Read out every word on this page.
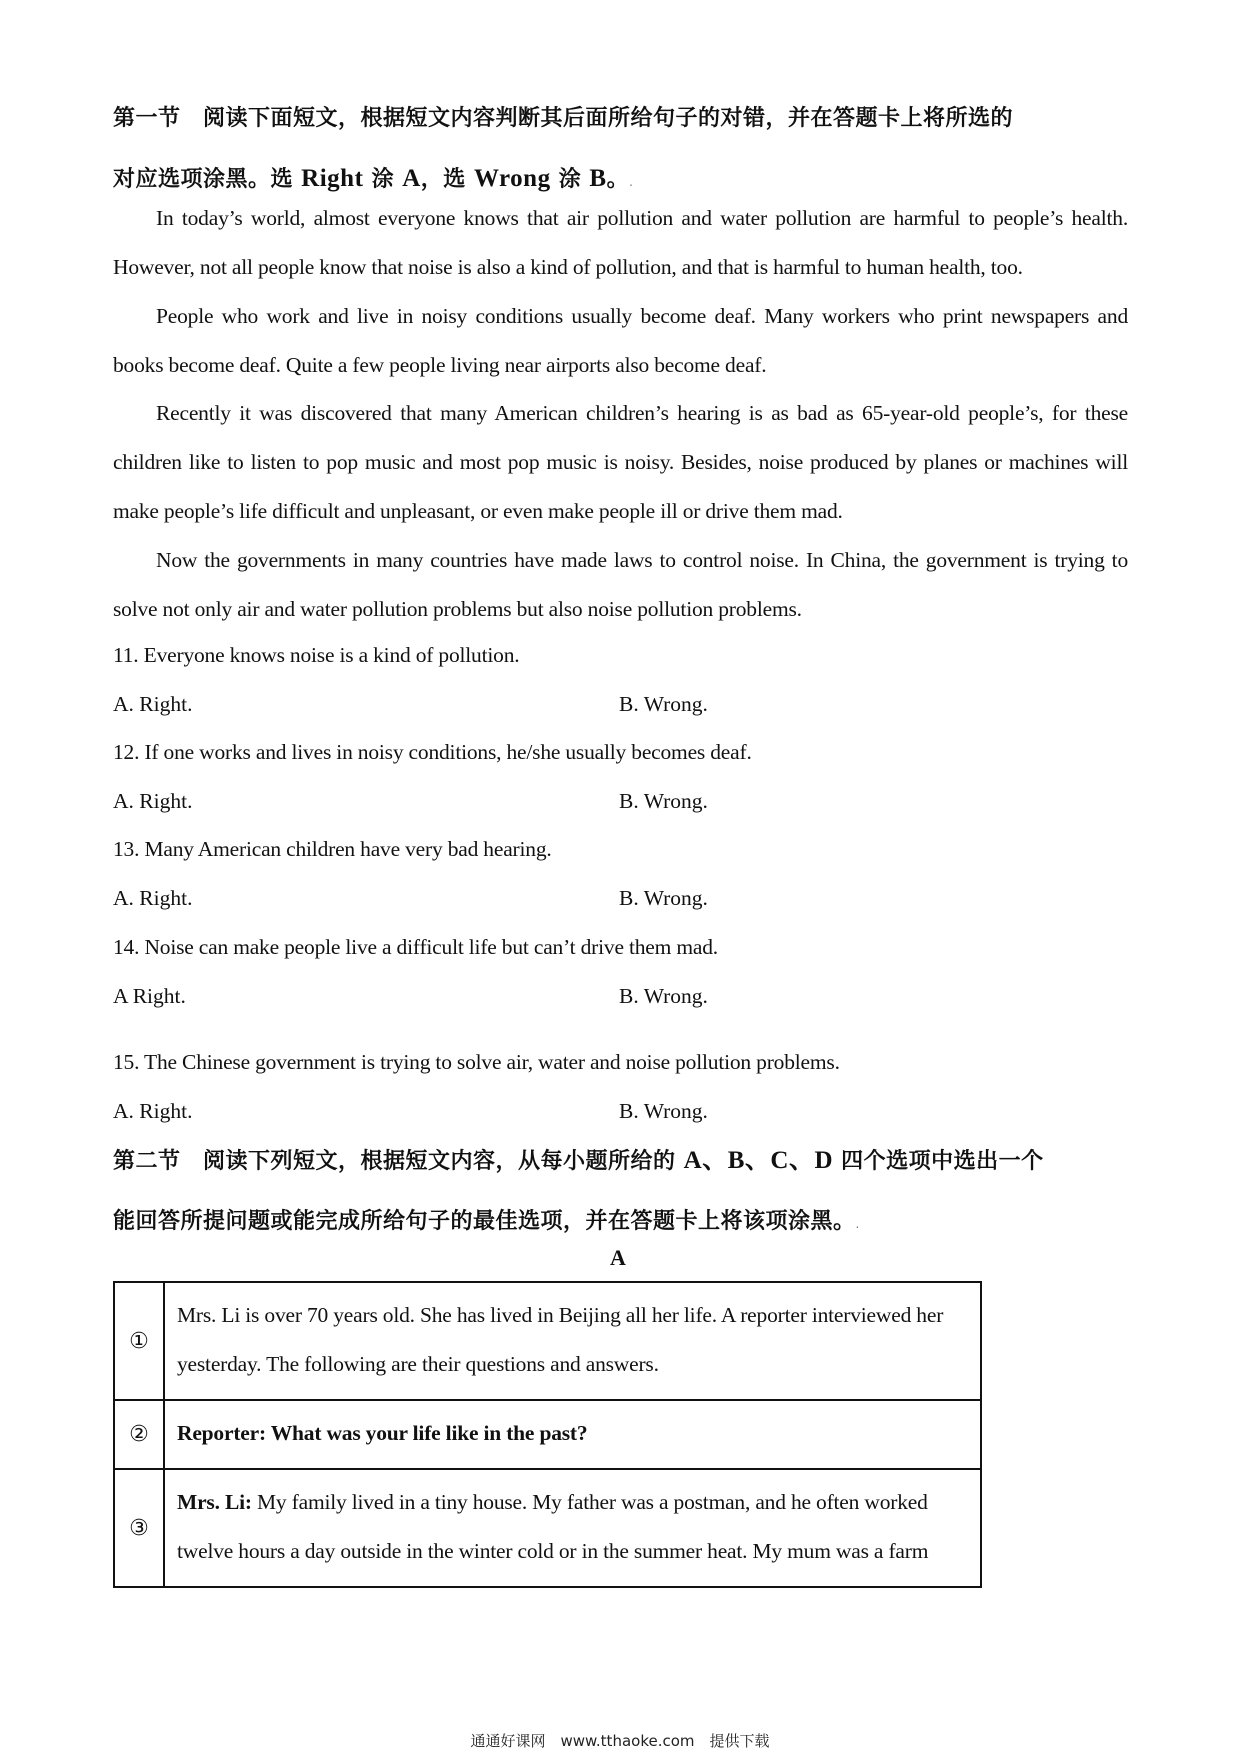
第一节　阅读下面短文，根据短文内容判断其后面所给句子的对错，并在答题卡上将所选的
对应选项涂黑。选 Right 涂 A，选 Wrong 涂 B。.
In today’s world, almost everyone knows that air pollution and water pollution are harmful to people’s health. However, not all people know that noise is also a kind of pollution, and that is harmful to human health, too.
People who work and live in noisy conditions usually become deaf. Many workers who print newspapers and books become deaf. Quite a few people living near airports also become deaf.
Recently it was discovered that many American children’s hearing is as bad as 65-year-old people’s, for these children like to listen to pop music and most pop music is noisy. Besides, noise produced by planes or machines will make people’s life difficult and unpleasant, or even make people ill or drive them mad.
Now the governments in many countries have made laws to control noise. In China, the government is trying to solve not only air and water pollution problems but also noise pollution problems.
11. Everyone knows noise is a kind of pollution.
A. Right.	B. Wrong.
12. If one works and lives in noisy conditions, he/she usually becomes deaf.
A. Right.	B. Wrong.
13. Many American children have very bad hearing.
A. Right.	B. Wrong.
14. Noise can make people live a difficult life but can’t drive them mad.
A Right.	B. Wrong.
15. The Chinese government is trying to solve air, water and noise pollution problems.
A. Right.	B. Wrong.
第二节　阅读下列短文，根据短文内容，从每小题所给的 A、B、C、D 四个选项中选出一个
能回答所提问题或能完成所给句子的最佳选项，并在答题卡上将该项涂黑。.
A
①	Mrs. Li is over 70 years old. She has lived in Beijing all her life. A reporter interviewed her yesterday. The following are their questions and answers.
②	Reporter: What was your life like in the past?
③	Mrs. Li: My family lived in a tiny house. My father was a postman, and he often worked twelve hours a day outside in the winter cold or in the summer heat. My mum was a farm
通通好课网　www.tthaoke.com　提供下载
